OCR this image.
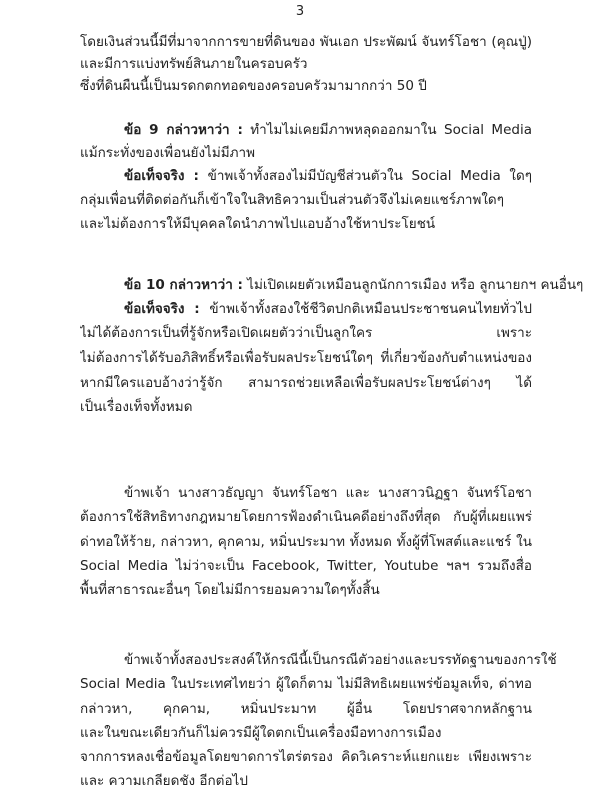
3
โดยเงินส่วนนี้มีที่มาจากการขายที่ดินของ พันเอก ประพัฒน์ จันทร์โอชา (คุณปู่)
และมีการแบ่งทรัพย์สินภายในครอบครัว
ซึ่งที่ดินผืนนี้เป็นมรดกตกทอดของครอบครัวมามากกว่า 50 ปี
ข้อ 9 กล่าวหาว่า : ทำไมไม่เคยมีภาพหลุดออกมาใน Social Media
แม้กระทั่งของเพื่อนยังไม่มีภาพ
ข้อเท็จจริง : ข้าพเจ้าทั้งสองไม่มีบัญชีส่วนตัวใน Social Media ใดๆ
กลุ่มเพื่อนที่ติดต่อกันก็เข้าใจในสิทธิความเป็นส่วนตัวจึงไม่เคยแชร์ภาพใดๆ
และไม่ต้องการให้มีบุคคลใดนำภาพไปแอบอ้างใช้หาประโยชน์
ข้อ 10 กล่าวหาว่า : ไม่เปิดเผยตัวเหมือนลูกนักการเมือง หรือ ลูกนายกฯ คนอื่นๆ
ข้อเท็จจริง : ข้าพเจ้าทั้งสองใช้ชีวิตปกติเหมือนประชาชนคนไทยทั่วไป
ไม่ได้ต้องการเป็นที่รู้จักหรือเปิดเผยตัวว่าเป็นลูกใคร เพราะ
ไม่ต้องการได้รับอภิสิทธิ์หรือเพื่อรับผลประโยชน์ใดๆ ที่เกี่ยวข้องกับตำแหน่งของ
หากมีใครแอบอ้างว่ารู้จัก สามารถช่วยเหลือเพื่อรับผลประโยชน์ต่างๆ ได้
เป็นเรื่องเท็จทั้งหมด
ข้าพเจ้า นางสาวธัญญา จันทร์โอชา และ นางสาวนิฏฐา จันทร์โอชา
ต้องการใช้สิทธิทางกฎหมายโดยการฟ้องดำเนินคดีอย่างถึงที่สุด กับผู้ที่เผยแพร่
ด่าทอให้ร้าย, กล่าวหา, คุกคาม, หมิ่นประมาท ทั้งหมด ทั้งผู้ที่โพสต์และแชร์ ใน
Social Media ไม่ว่าจะเป็น Facebook, Twitter, Youtube ฯลฯ รวมถึงสื่อ
พื้นที่สาธารณะอื่นๆ โดยไม่มีการยอมความใดๆทั้งสิ้น
ข้าพเจ้าทั้งสองประสงค์ให้กรณีนี้เป็นกรณีตัวอย่างและบรรทัดฐานของการใช้
Social Media ในประเทศไทยว่า ผู้ใดก็ตาม ไม่มีสิทธิเผยแพร่ข้อมูลเท็จ, ด่าทอ
กล่าวหา, คุกคาม, หมิ่นประมาท ผู้อื่น โดยปราศจากหลักฐาน
และในขณะเดียวกันก็ไม่ควรมีผู้ใดตกเป็นเครื่องมือทางการเมือง
จากการหลงเชื่อข้อมูลโดยขาดการไตร่ตรอง คิดวิเคราะห์แยกแยะ เพียงเพราะ
และ ความเกลียดชัง อีกต่อไป
